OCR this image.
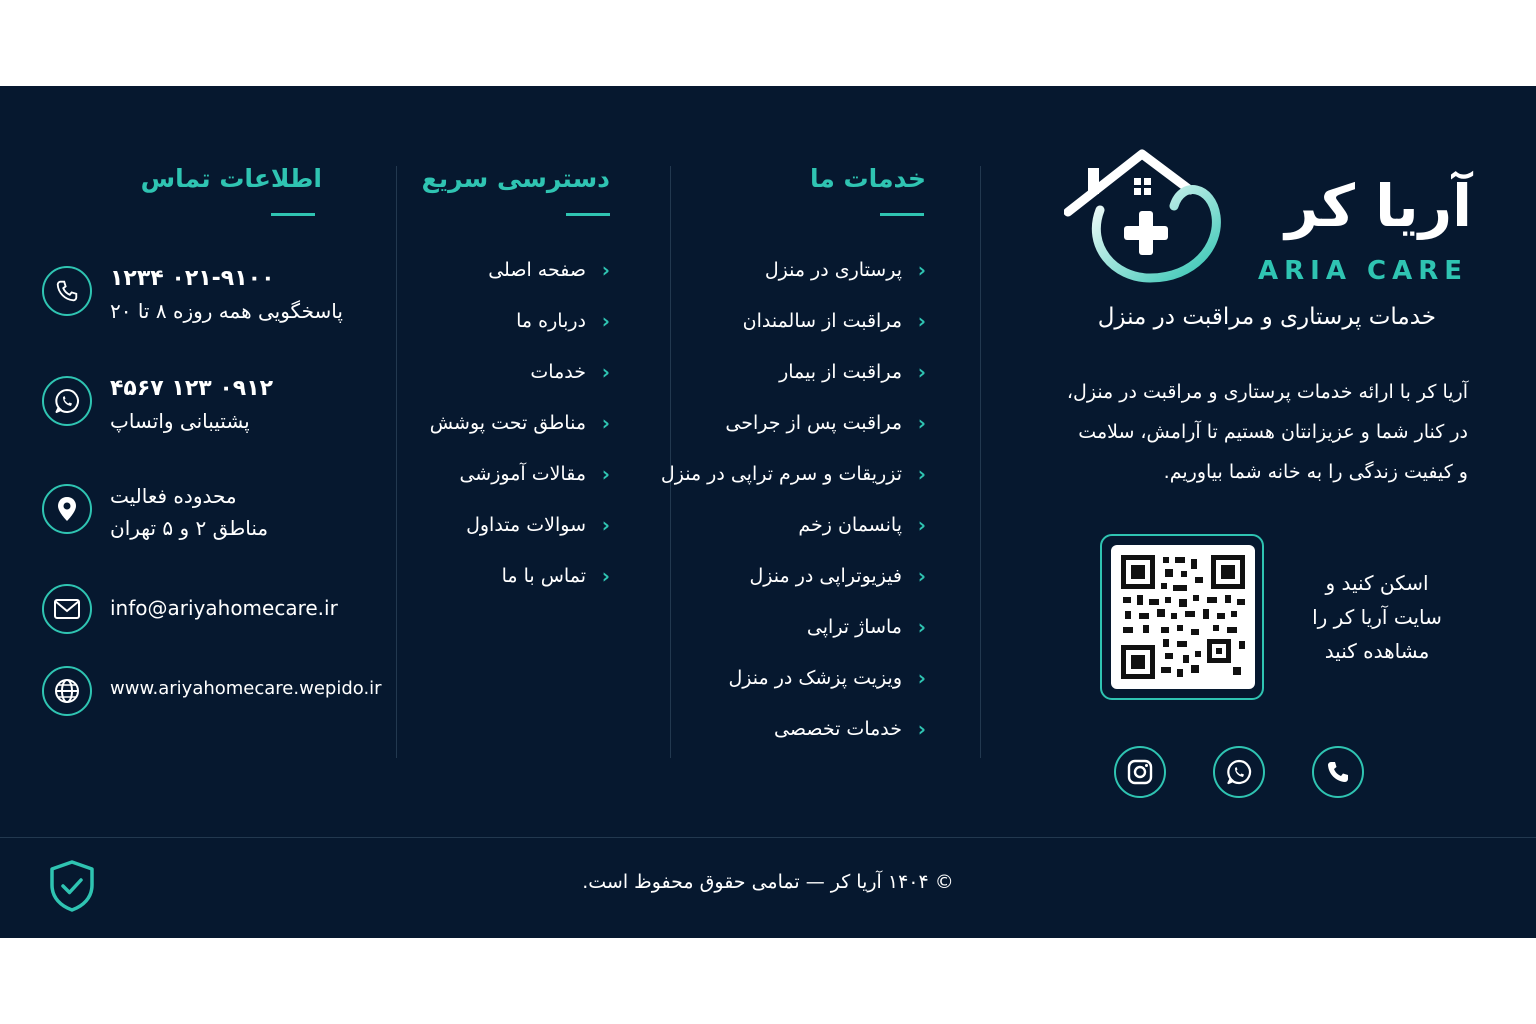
آریا کر
ARIA CARE
خدمات پرستاری و مراقبت در منزل
آریا کر با ارائه خدمات پرستاری و مراقبت در منزل،
در کنار شما و عزیزانتان هستیم تا آرامش، سلامت
و کیفیت زندگی را به خانه شما بیاوریم.
اسکن کنید و
سایت آریا کر را
مشاهده کنید
خدمات ما
‹
پرستاری در منزل
‹
مراقبت از سالمندان
‹
مراقبت از بیمار
‹
مراقبت پس از جراحی
‹
تزریقات و سرم تراپی در منزل
‹
پانسمان زخم
‹
فیزیوتراپی در منزل
‹
ماساژ تراپی
‹
ویزیت پزشک در منزل
‹
خدمات تخصصی
دسترسی سریع
‹
صفحه اصلی
‹
درباره ما
‹
خدمات
‹
مناطق تحت پوشش
‹
مقالات آموزشی
‹
سوالات متداول
‹
تماس با ما
اطلاعات تماس
۰۲۱-۹۱۰۰ ۱۲۳۴
پاسخگویی همه روزه ۸ تا ۲۰
۰۹۱۲ ۱۲۳ ۴۵۶۷
پشتیبانی واتساپ
محدوده فعالیت
مناطق ۲ و ۵ تهران
info@ariyahomecare.ir
www.ariyahomecare.wepido.ir
© ۱۴۰۴ آریا کر — تمامی حقوق محفوظ است.
